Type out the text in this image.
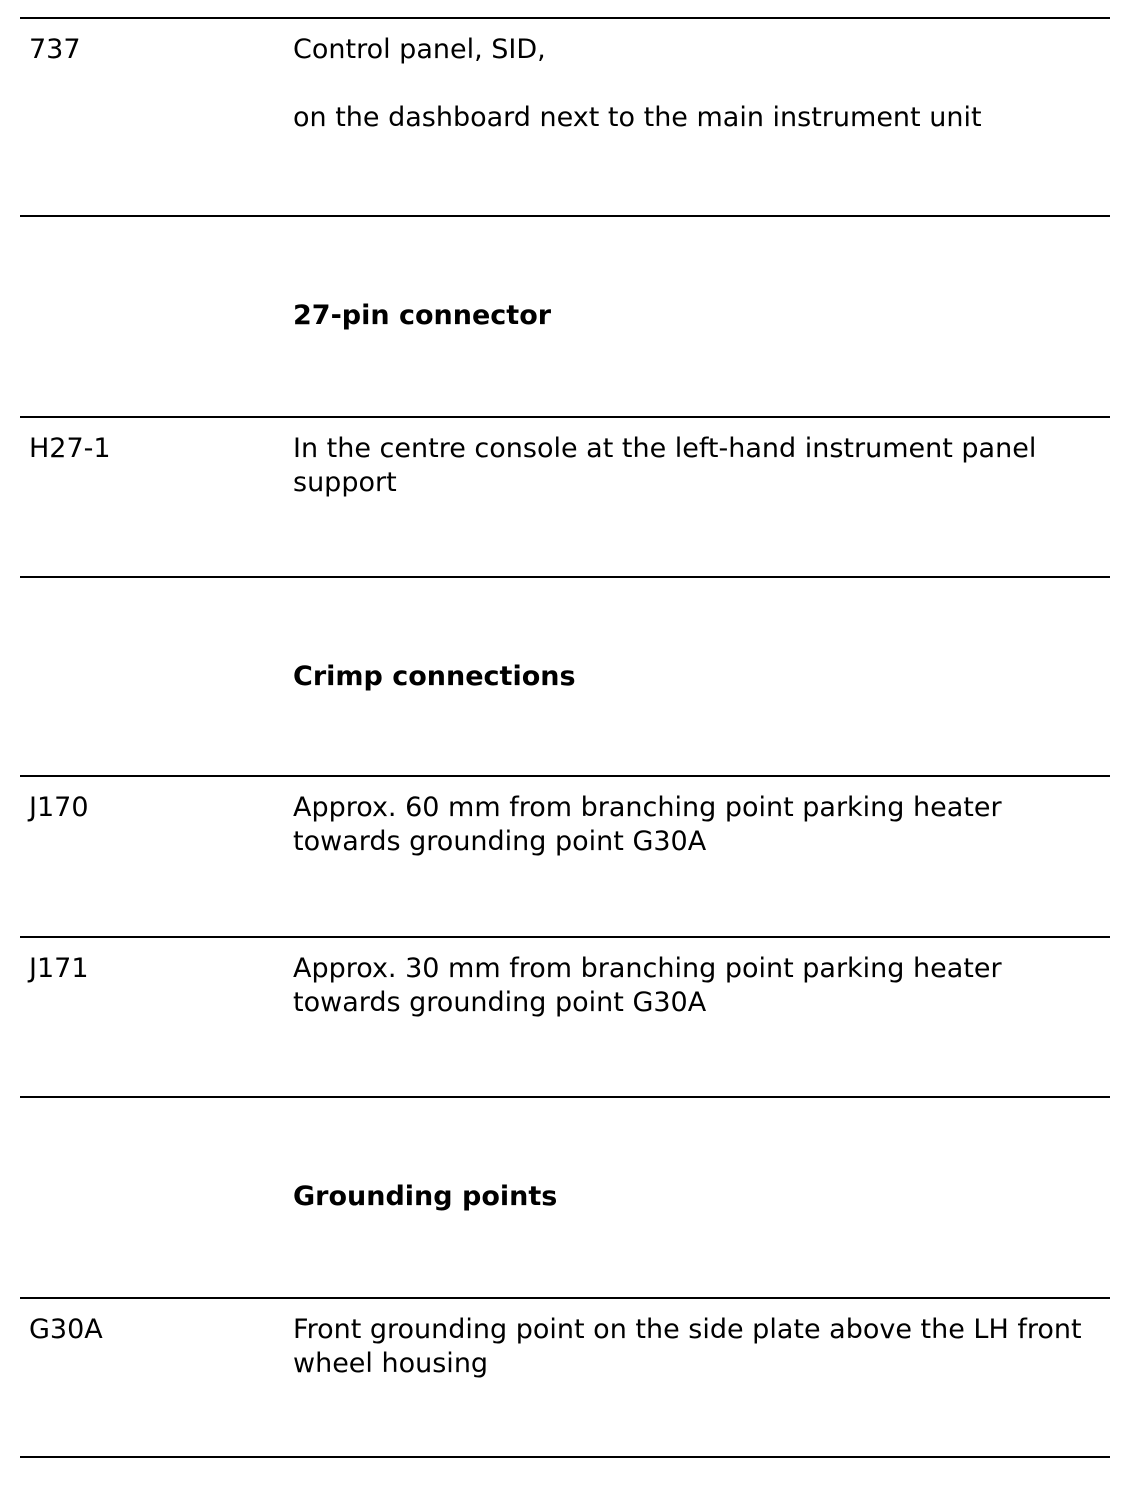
737	Control panel, SID,

on the dashboard next to the main instrument unit

27-pin connector
H27-1	In the centre console at the left-hand instrument panel support
Crimp connections
J170	Approx. 60 mm from branching point parking heater towards grounding point G30A
J171	Approx. 30 mm from branching point parking heater towards grounding point G30A
Grounding points
G30A	Front grounding point on the side plate above the LH front wheel housing
